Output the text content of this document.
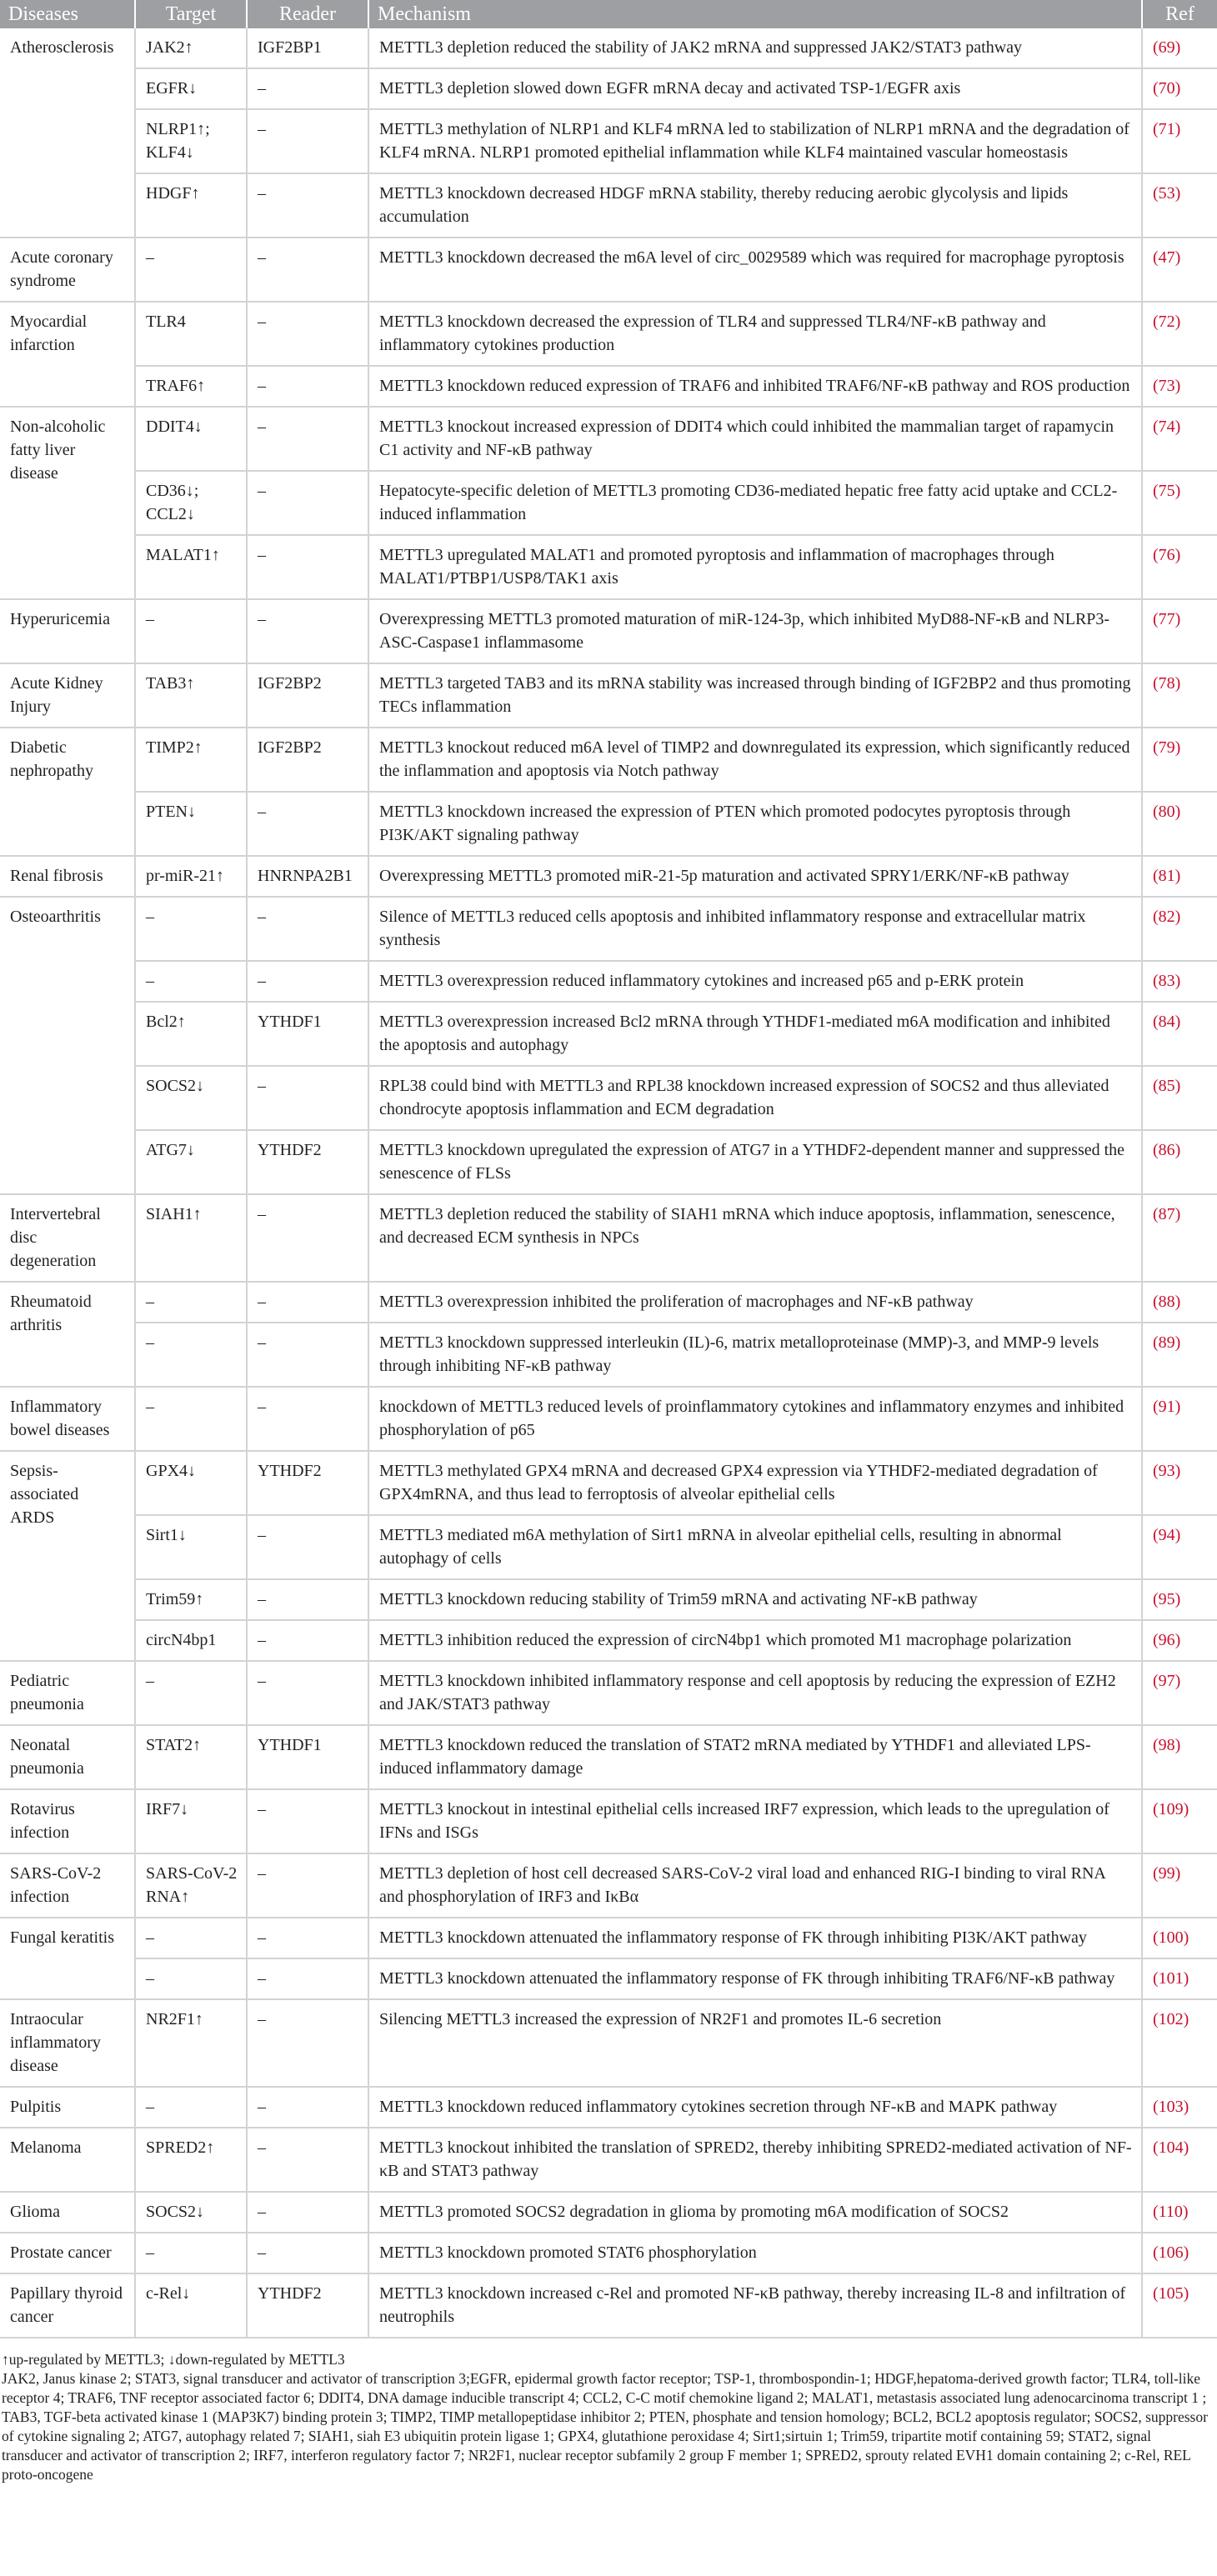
Diseases	Target	Reader	Mechanism	Ref
Atherosclerosis	JAK2↑	IGF2BP1	METTL3 depletion reduced the stability of JAK2 mRNA and suppressed JAK2/STAT3 pathway	(69)
	EGFR↓	–	METTL3 depletion slowed down EGFR mRNA decay and activated TSP-1/EGFR axis	(70)
	NLRP1↑; KLF4↓	–	METTL3 methylation of NLRP1 and KLF4 mRNA led to stabilization of NLRP1 mRNA and the degradation of KLF4 mRNA. NLRP1 promoted epithelial inflammation while KLF4 maintained vascular homeostasis	(71)
	HDGF↑	–	METTL3 knockdown decreased HDGF mRNA stability, thereby reducing aerobic glycolysis and lipids accumulation	(53)
Acute coronary syndrome	–	–	METTL3 knockdown decreased the m6A level of circ_0029589 which was required for macrophage pyroptosis	(47)
Myocardial infarction	TLR4	–	METTL3 knockdown decreased the expression of TLR4 and suppressed TLR4/NF-κB pathway and inflammatory cytokines production	(72)
	TRAF6↑	–	METTL3 knockdown reduced expression of TRAF6 and inhibited TRAF6/NF-κB pathway and ROS production	(73)
Non-alcoholic fatty liver disease	DDIT4↓	–	METTL3 knockout increased expression of DDIT4 which could inhibited the mammalian target of rapamycin C1 activity and NF-κB pathway	(74)
	CD36↓; CCL2↓	–	Hepatocyte-specific deletion of METTL3 promoting CD36-mediated hepatic free fatty acid uptake and CCL2-induced inflammation	(75)
	MALAT1↑	–	METTL3 upregulated MALAT1 and promoted pyroptosis and inflammation of macrophages through MALAT1/PTBP1/USP8/TAK1 axis	(76)
Hyperuricemia	–	–	Overexpressing METTL3 promoted maturation of miR-124-3p, which inhibited MyD88-NF-κB and NLRP3-ASC-Caspase1 inflammasome	(77)
Acute Kidney Injury	TAB3↑	IGF2BP2	METTL3 targeted TAB3 and its mRNA stability was increased through binding of IGF2BP2 and thus promoting TECs inflammation	(78)
Diabetic nephropathy	TIMP2↑	IGF2BP2	METTL3 knockout reduced m6A level of TIMP2 and downregulated its expression, which significantly reduced the inflammation and apoptosis via Notch pathway	(79)
	PTEN↓	–	METTL3 knockdown increased the expression of PTEN which promoted podocytes pyroptosis through PI3K/AKT signaling pathway	(80)
Renal fibrosis	pr-miR-21↑	HNRNPA2B1	Overexpressing METTL3 promoted miR-21-5p maturation and activated SPRY1/ERK/NF-κB pathway	(81)
Osteoarthritis	–	–	Silence of METTL3 reduced cells apoptosis and inhibited inflammatory response and extracellular matrix synthesis	(82)
	–	–	METTL3 overexpression reduced inflammatory cytokines and increased p65 and p-ERK protein	(83)
	Bcl2↑	YTHDF1	METTL3 overexpression increased Bcl2 mRNA through YTHDF1-mediated m6A modification and inhibited the apoptosis and autophagy	(84)
	SOCS2↓	–	RPL38 could bind with METTL3 and RPL38 knockdown increased expression of SOCS2 and thus alleviated chondrocyte apoptosis inflammation and ECM degradation	(85)
	ATG7↓	YTHDF2	METTL3 knockdown upregulated the expression of ATG7 in a YTHDF2-dependent manner and suppressed the senescence of FLSs	(86)
Intervertebral disc degeneration	SIAH1↑	–	METTL3 depletion reduced the stability of SIAH1 mRNA which induce apoptosis, inflammation, senescence, and decreased ECM synthesis in NPCs	(87)
Rheumatoid arthritis	–	–	METTL3 overexpression inhibited the proliferation of macrophages and NF-κB pathway	(88)
	–	–	METTL3 knockdown suppressed interleukin (IL)-6, matrix metalloproteinase (MMP)-3, and MMP-9 levels through inhibiting NF-κB pathway	(89)
Inflammatory bowel diseases	–	–	knockdown of METTL3 reduced levels of proinflammatory cytokines and inflammatory enzymes and inhibited phosphorylation of p65	(91)
Sepsis-associated ARDS	GPX4↓	YTHDF2	METTL3 methylated GPX4 mRNA and decreased GPX4 expression via YTHDF2-mediated degradation of GPX4mRNA, and thus lead to ferroptosis of alveolar epithelial cells	(93)
	Sirt1↓	–	METTL3 mediated m6A methylation of Sirt1 mRNA in alveolar epithelial cells, resulting in abnormal autophagy of cells	(94)
	Trim59↑	–	METTL3 knockdown reducing stability of Trim59 mRNA and activating NF-κB pathway	(95)
	circN4bp1	–	METTL3 inhibition reduced the expression of circN4bp1 which promoted M1 macrophage polarization	(96)
Pediatric pneumonia	–	–	METTL3 knockdown inhibited inflammatory response and cell apoptosis by reducing the expression of EZH2 and JAK/STAT3 pathway	(97)
Neonatal pneumonia	STAT2↑	YTHDF1	METTL3 knockdown reduced the translation of STAT2 mRNA mediated by YTHDF1 and alleviated LPS-induced inflammatory damage	(98)
Rotavirus infection	IRF7↓	–	METTL3 knockout in intestinal epithelial cells increased IRF7 expression, which leads to the upregulation of IFNs and ISGs	(109)
SARS-CoV-2 infection	SARS-CoV-2 RNA↑	–	METTL3 depletion of host cell decreased SARS-CoV-2 viral load and enhanced RIG-I binding to viral RNA and phosphorylation of IRF3 and IκBα	(99)
Fungal keratitis	–	–	METTL3 knockdown attenuated the inflammatory response of FK through inhibiting PI3K/AKT pathway	(100)
	–	–	METTL3 knockdown attenuated the inflammatory response of FK through inhibiting TRAF6/NF-κB pathway	(101)
Intraocular inflammatory disease	NR2F1↑	–	Silencing METTL3 increased the expression of NR2F1 and promotes IL-6 secretion	(102)
Pulpitis	–	–	METTL3 knockdown reduced inflammatory cytokines secretion through NF-κB and MAPK pathway	(103)
Melanoma	SPRED2↑	–	METTL3 knockout inhibited the translation of SPRED2, thereby inhibiting SPRED2-mediated activation of NF- κB and STAT3 pathway	(104)
Glioma	SOCS2↓	–	METTL3 promoted SOCS2 degradation in glioma by promoting m6A modification of SOCS2	(110)
Prostate cancer	–	–	METTL3 knockdown promoted STAT6 phosphorylation	(106)
Papillary thyroid cancer	c-Rel↓	YTHDF2	METTL3 knockdown increased c-Rel and promoted NF-κB pathway, thereby increasing IL-8 and infiltration of neutrophils	(105)

↑up-regulated by METTL3; ↓down-regulated by METTL3

JAK2, Janus kinase 2; STAT3, signal transducer and activator of transcription 3;EGFR, epidermal growth factor receptor; TSP-1, thrombospondin-1; HDGF,hepatoma-derived growth factor; TLR4, toll-like receptor 4; TRAF6, TNF receptor associated factor 6; DDIT4, DNA damage inducible transcript 4; CCL2, C-C motif chemokine ligand 2; MALAT1, metastasis associated lung adenocarcinoma transcript 1 ; TAB3, TGF-beta activated kinase 1 (MAP3K7) binding protein 3; TIMP2, TIMP metallopeptidase inhibitor 2; PTEN, phosphate and tension homology; BCL2, BCL2 apoptosis regulator; SOCS2, suppressor of cytokine signaling 2; ATG7, autophagy related 7; SIAH1, siah E3 ubiquitin protein ligase 1; GPX4, glutathione peroxidase 4; Sirt1;sirtuin 1; Trim59, tripartite motif containing 59; STAT2, signal transducer and activator of transcription 2; IRF7, interferon regulatory factor 7; NR2F1, nuclear receptor subfamily 2 group F member 1; SPRED2, sprouty related EVH1 domain containing 2; c-Rel, REL proto-oncogene
